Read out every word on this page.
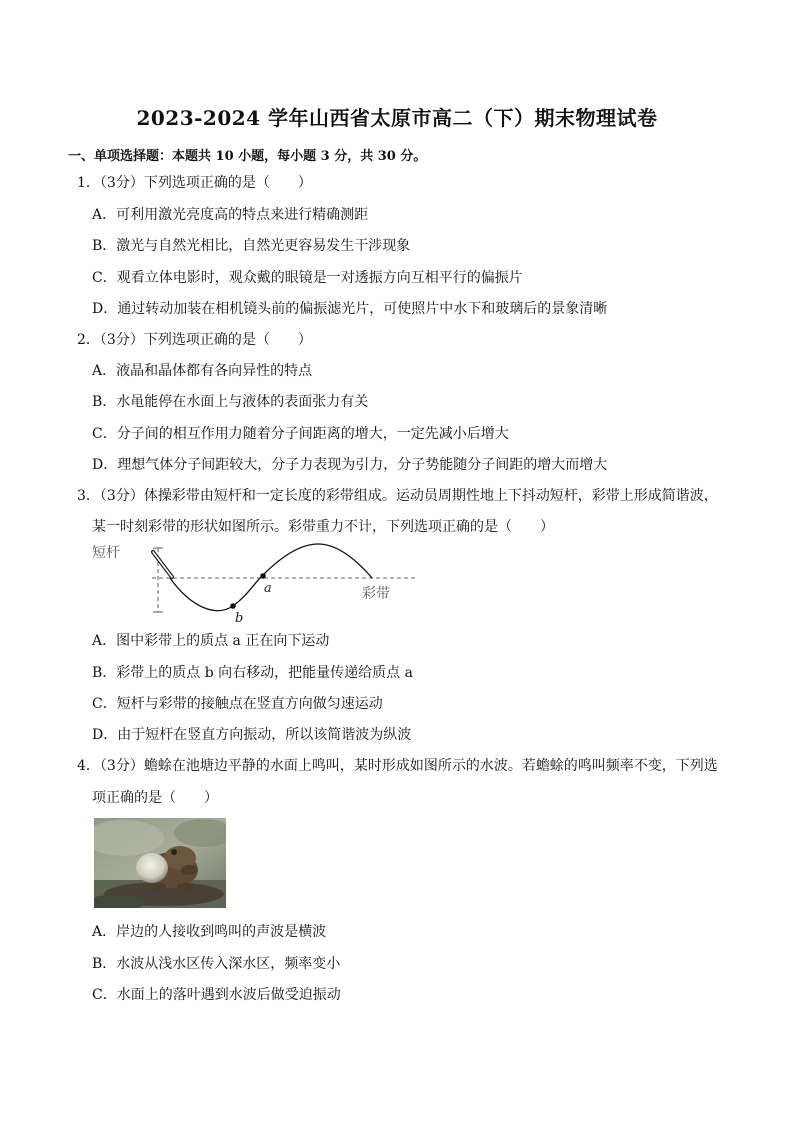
2023-2024 学年山西省太原市高二（下）期末物理试卷
一、单项选择题：本题共 10 小题，每小题 3 分，共 30 分。
1．（3分）下列选项正确的是（　　）
A．可利用激光亮度高的特点来进行精确测距
B．激光与自然光相比，自然光更容易发生干涉现象
C．观看立体电影时，观众戴的眼镜是一对透振方向互相平行的偏振片
D．通过转动加装在相机镜头前的偏振滤光片，可使照片中水下和玻璃后的景象清晰
2．（3分）下列选项正确的是（　　）
A．液晶和晶体都有各向异性的特点
B．水黾能停在水面上与液体的表面张力有关
C．分子间的相互作用力随着分子间距离的增大，一定先减小后增大
D．理想气体分子间距较大，分子力表现为引力，分子势能随分子间距的增大而增大
3．（3分）体操彩带由短杆和一定长度的彩带组成。运动员周期性地上下抖动短杆，彩带上形成简谐波，
某一时刻彩带的形状如图所示。彩带重力不计，下列选项正确的是（　　）
a
b
短杆
彩带
A．图中彩带上的质点 a 正在向下运动
B．彩带上的质点 b 向右移动，把能量传递给质点 a
C．短杆与彩带的接触点在竖直方向做匀速运动
D．由于短杆在竖直方向振动，所以该简谐波为纵波
4．（3分）蟾蜍在池塘边平静的水面上鸣叫，某时形成如图所示的水波。若蟾蜍的鸣叫频率不变，下列选
项正确的是（　　）
A．岸边的人接收到鸣叫的声波是横波
B．水波从浅水区传入深水区，频率变小
C．水面上的落叶遇到水波后做受迫振动
